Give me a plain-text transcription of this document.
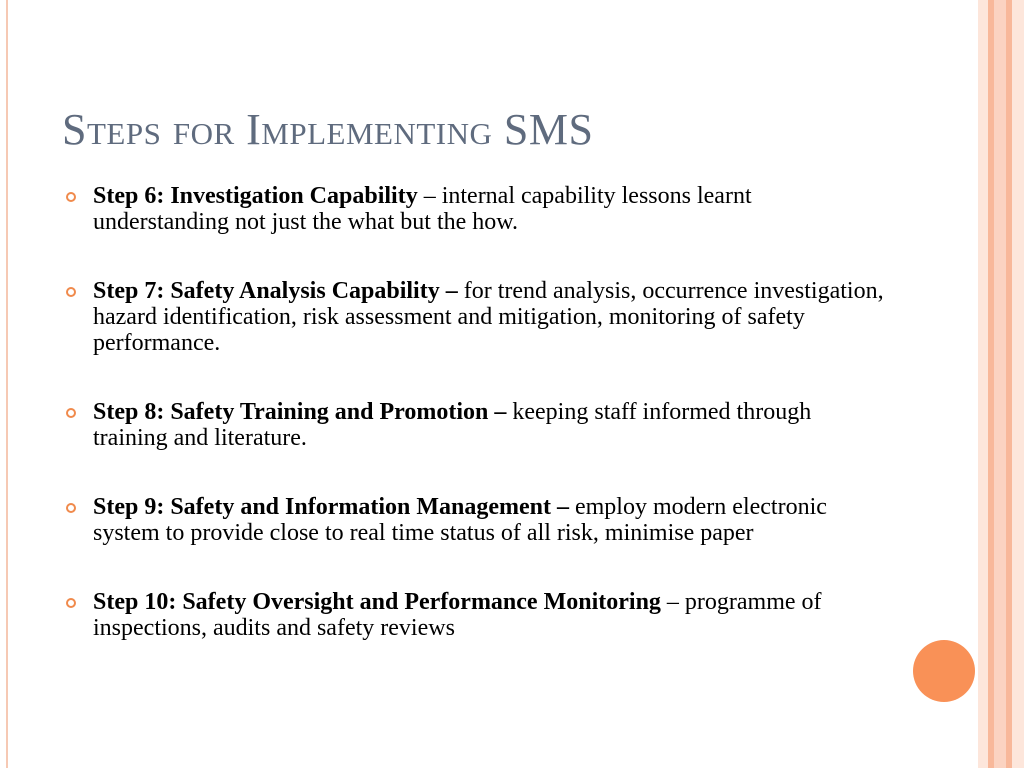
Steps for Implementing SMS
Step 6: Investigation Capability – internal capability lessons learnt understanding not just the what but the how.
Step 7: Safety Analysis Capability – for trend analysis, occurrence investigation, hazard identification, risk assessment and mitigation, monitoring of safety performance.
Step 8: Safety Training and Promotion – keeping staff informed through training and literature.
Step 9: Safety and Information Management – employ modern electronic system to provide close to real time status of all risk, minimise paper
Step 10: Safety Oversight and Performance Monitoring – programme of inspections, audits and safety reviews
